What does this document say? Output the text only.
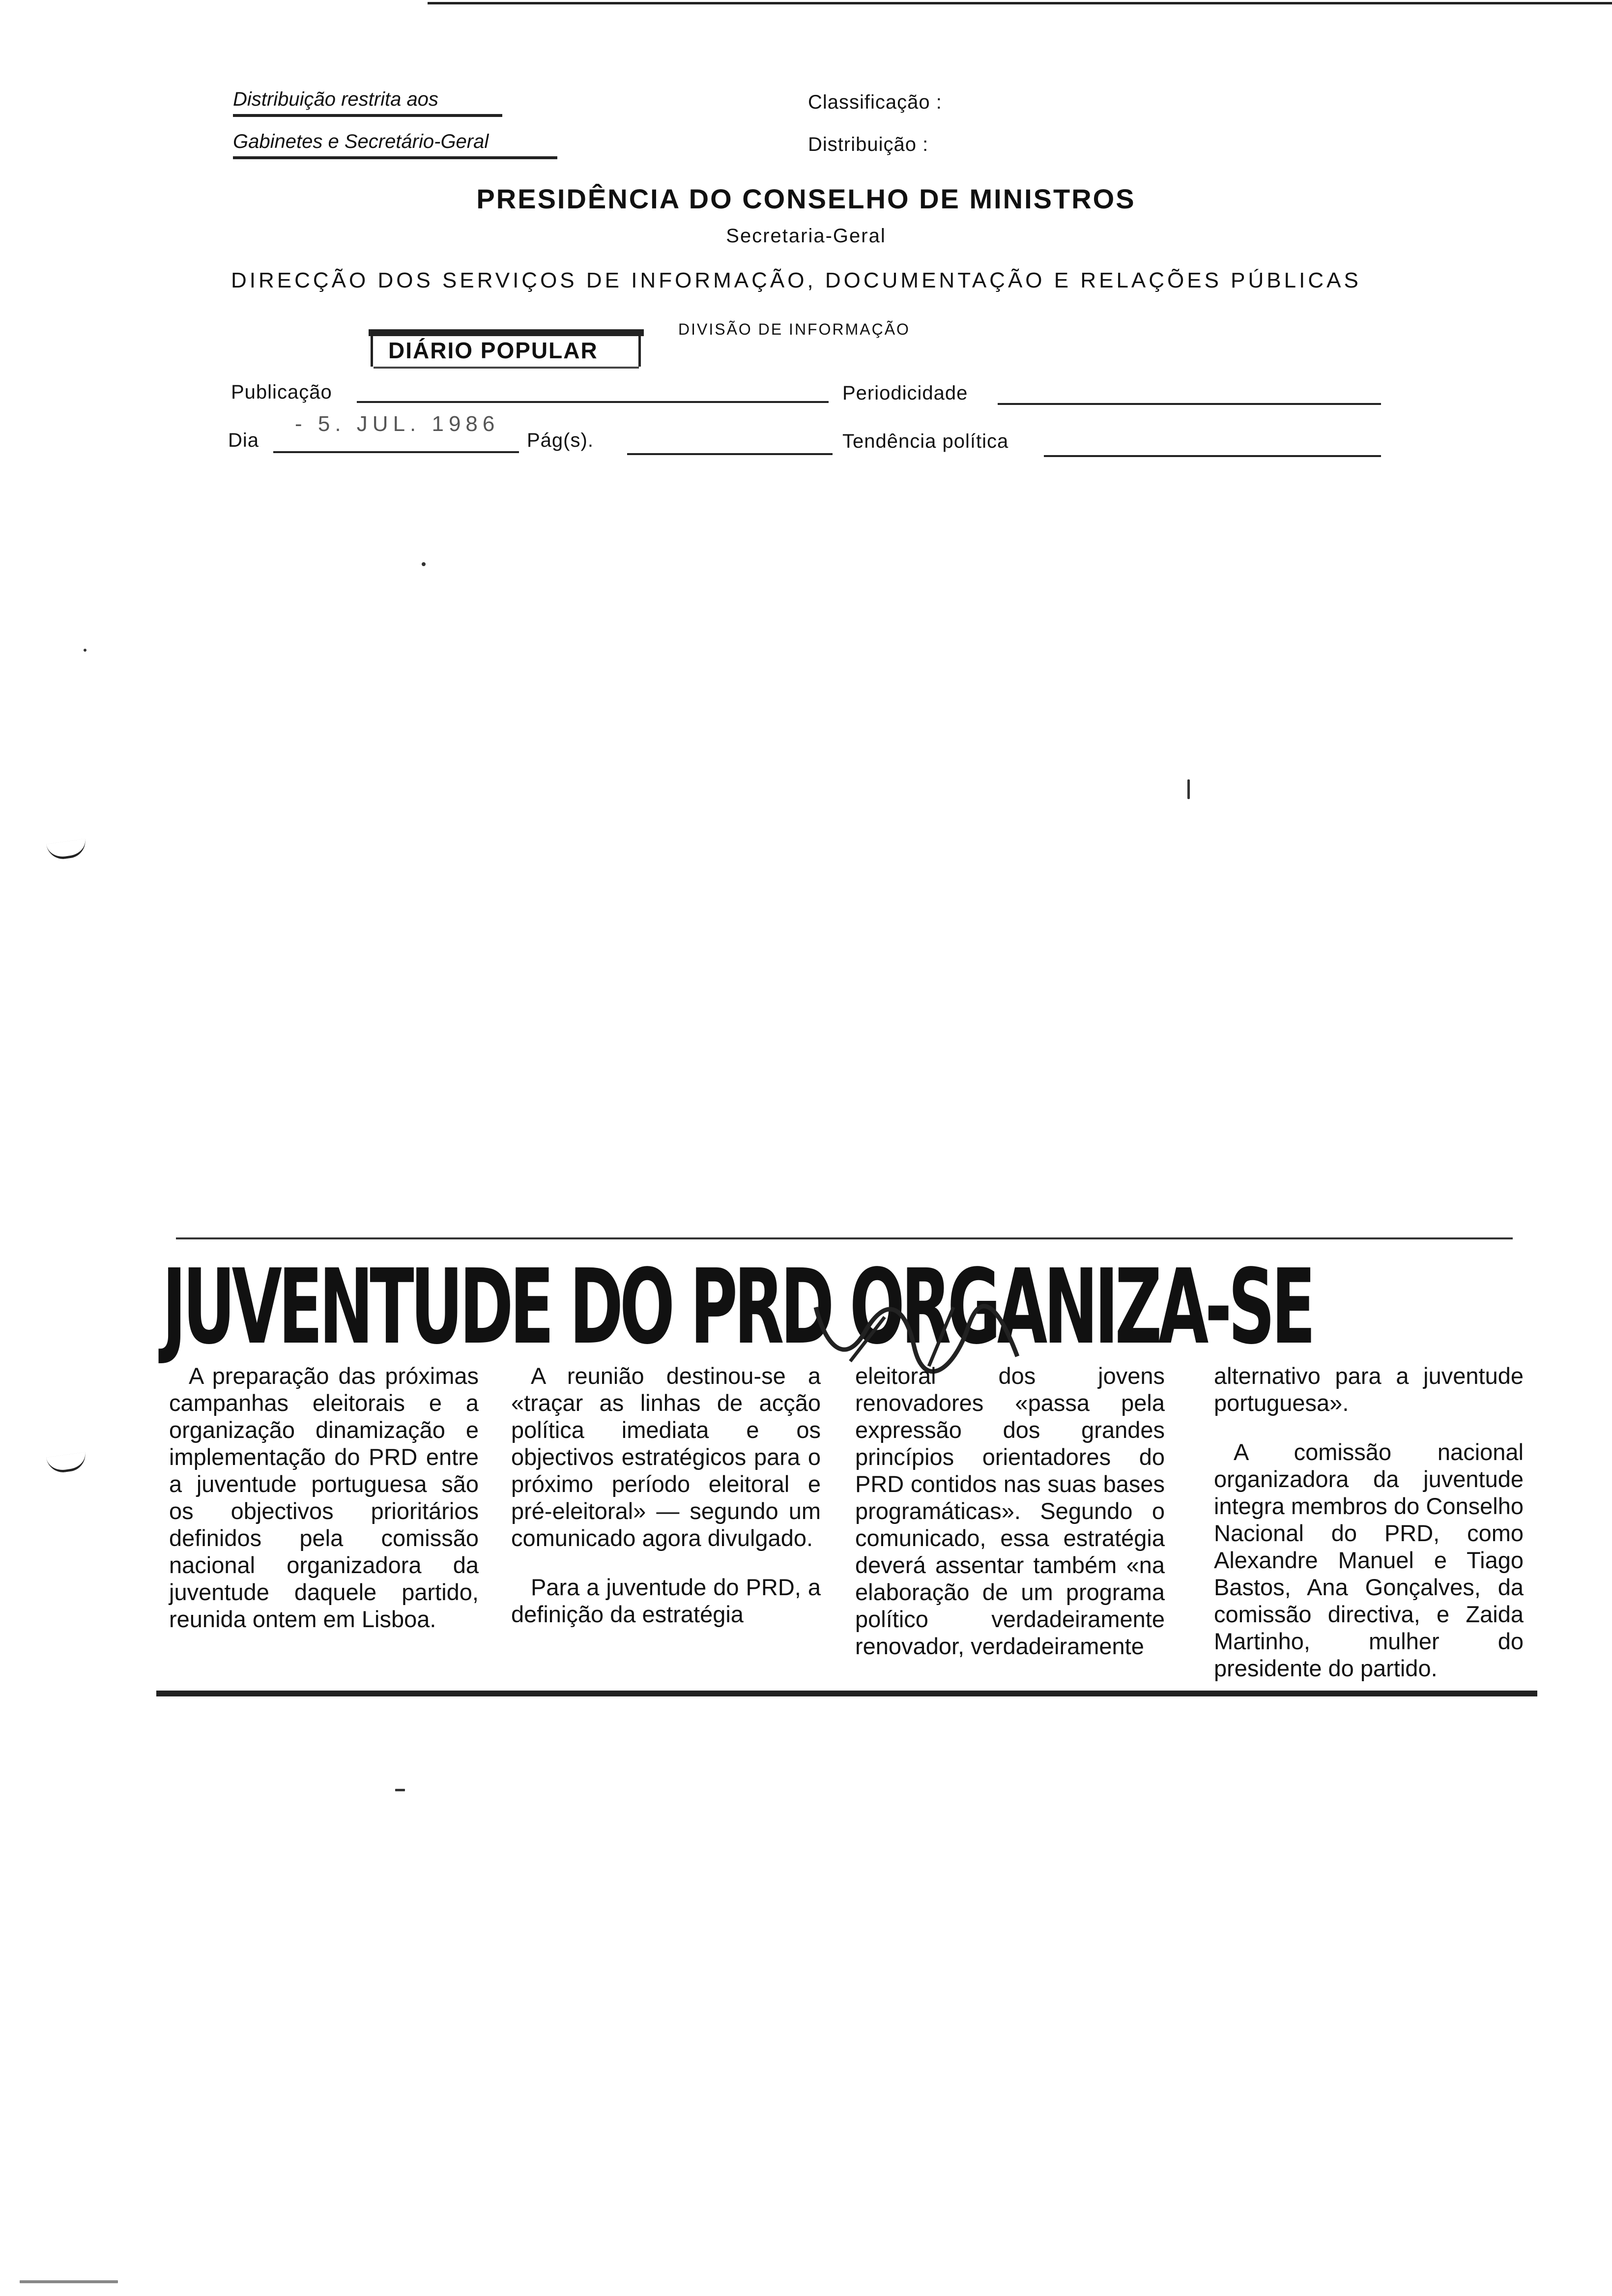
Distribuição restrita aos
Gabinetes e Secretário-Geral
Classificação :
Distribuição :
PRESIDÊNCIA DO CONSELHO DE MINISTROS
Secretaria-Geral
DIRECÇÃO DOS SERVIÇOS DE INFORMAÇÃO, DOCUMENTAÇÃO E RELAÇÕES PÚBLICAS
DIVISÃO DE INFORMAÇÃO
DIÁRIO POPULAR
Publicação	Periodicidade
Dia
- 5. JUL. 1986
Pág(s).	Tendência política
JUVENTUDE DO PRD ORGANIZA-SE

A preparação das próximas campanhas eleitorais e a organização dinamização e implementação do PRD entre a juventude portuguesa são os objectivos prioritários definidos pela comissão nacional organizadora da juventude daquele partido, reunida ontem em Lisboa.

A reunião destinou-se a «traçar as linhas de acção política imediata e os objectivos estratégicos para o próximo período eleitoral e pré-eleitoral» — segundo um comunicado agora divulgado.

Para a juventude do PRD, a definição da estratégia

eleitoral dos jovens renovadores «passa pela expressão dos grandes princípios orientadores do PRD contidos nas suas bases programáticas». Segundo o comunicado, essa estratégia deverá assentar também «na elaboração de um programa político verdadeiramente renovador, verdadeiramente

alternativo para a juventude portuguesa».

A comissão nacional organizadora da juventude integra membros do Conselho Nacional do PRD, como Alexandre Manuel e Tiago Bastos, Ana Gonçalves, da comissão directiva, e Zaida Martinho, mulher do presidente do partido.
